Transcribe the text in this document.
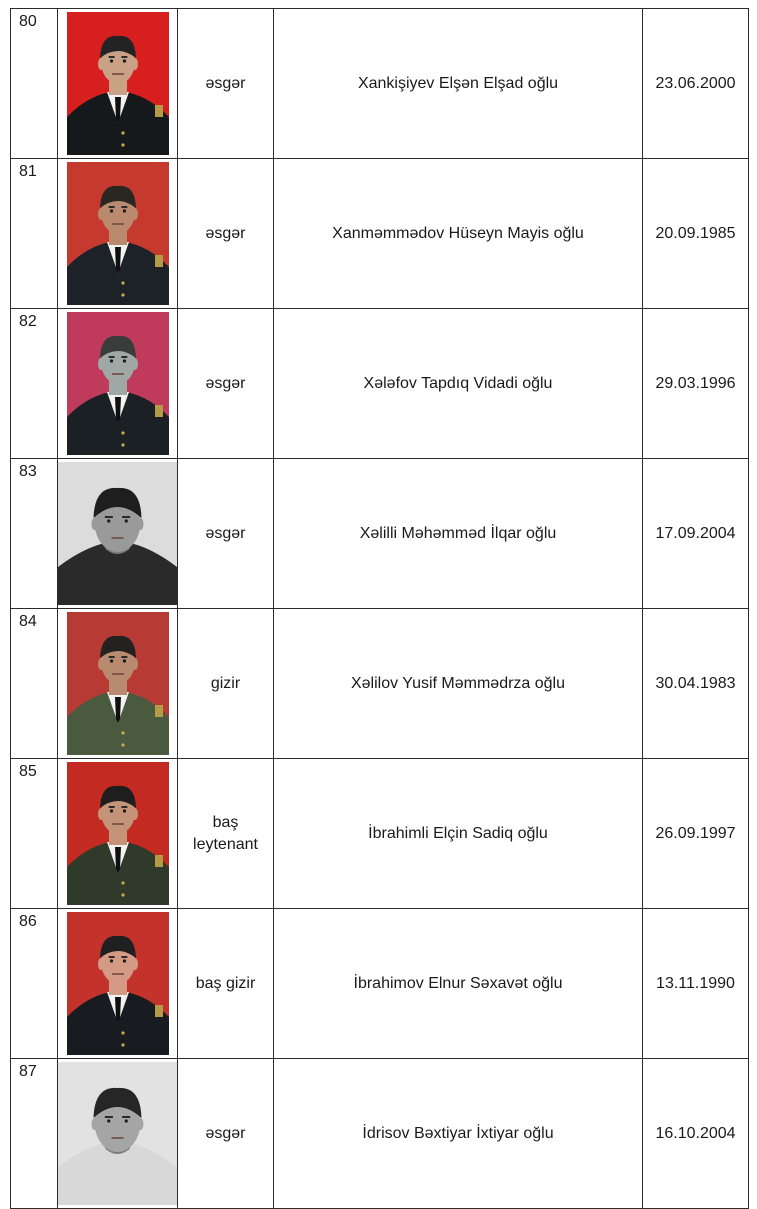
80		əsgər	Xankişiyev Elşən Elşad oğlu	23.06.2000
81		əsgər	Xanməmmədov Hüseyn Mayis oğlu	20.09.1985
82		əsgər	Xələfov Tapdıq Vidadi oğlu	29.03.1996
83		əsgər	Xəlilli Məhəmməd İlqar oğlu	17.09.2004
84		gizir	Xəlilov Yusif Məmmədrza oğlu	30.04.1983
85		baş leytenant	İbrahimli Elçin Sadiq oğlu	26.09.1997
86		baş gizir	İbrahimov Elnur Səxavət oğlu	13.11.1990
87		əsgər	İdrisov Bəxtiyar İxtiyar oğlu	16.10.2004
